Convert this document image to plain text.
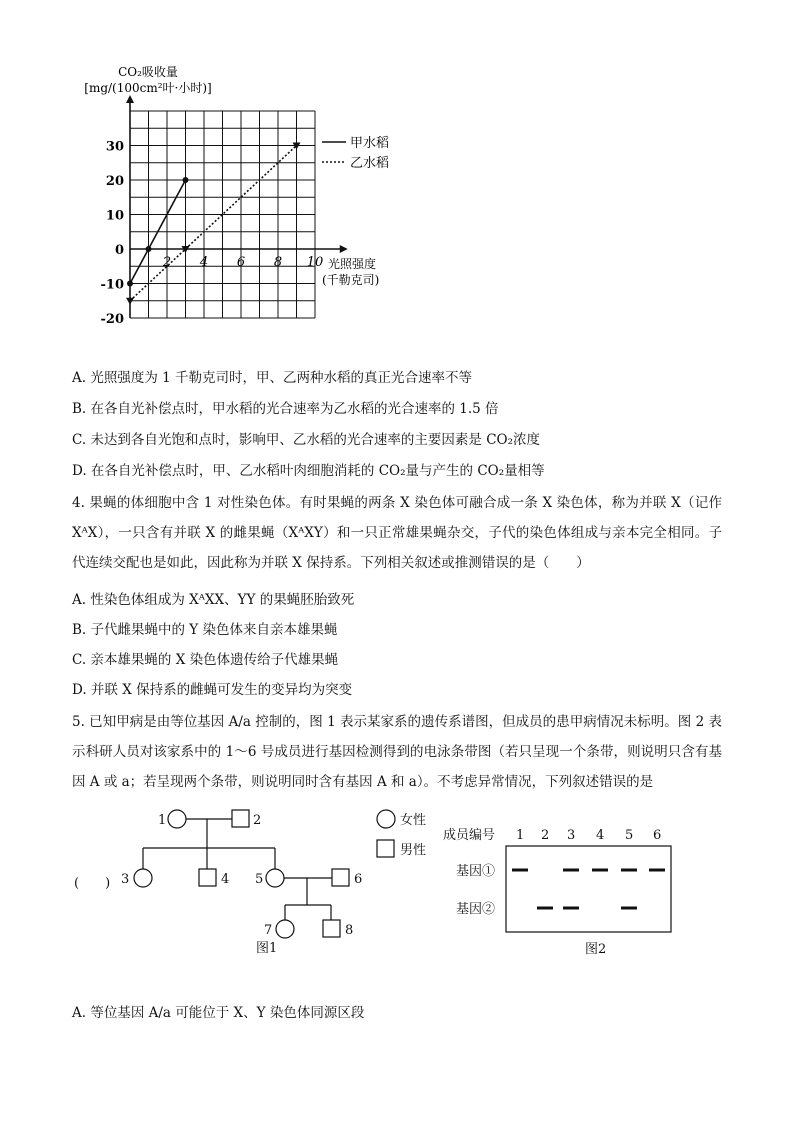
CO₂吸收量
[mg/(100cm²叶·小时)]
30
20
10
0
-10
-20
2 4 6 8 10
甲水稻
乙水稻
光照强度
(千勒克司)
A. 光照强度为 1 千勒克司时，甲、乙两种水稻的真正光合速率不等
B. 在各自光补偿点时，甲水稻的光合速率为乙水稻的光合速率的 1.5 倍
C. 未达到各自光饱和点时，影响甲、乙水稻的光合速率的主要因素是 CO₂浓度
D. 在各自光补偿点时，甲、乙水稻叶肉细胞消耗的 CO₂量与产生的 CO₂量相等
4. 果蝇的体细胞中含 1 对性染色体。有时果蝇的两条 X 染色体可融合成一条 X 染色体，称为并联 X（记作 XᴬX），一只含有并联 X 的雌果蝇（XᴬXY）和一只正常雄果蝇杂交，子代的染色体组成与亲本完全相同。子代连续交配也是如此，因此称为并联 X 保持系。下列相关叙述或推测错误的是（　　）
A. 性染色体组成为 XᴬXX、YY 的果蝇胚胎致死
B. 子代雌果蝇中的 Y 染色体来自亲本雄果蝇
C. 亲本雄果蝇的 X 染色体遗传给子代雄果蝇
D. 并联 X 保持系的雌蝇可发生的变异均为突变
5. 已知甲病是由等位基因 A/a 控制的，图 1 表示某家系的遗传系谱图，但成员的患甲病情况未标明。图 2 表示科研人员对该家系中的 1～6 号成员进行基因检测得到的电泳条带图（若只呈现一个条带，则说明只含有基因 A 或 a；若呈现两个条带，则说明同时含有基因 A 和 a）。不考虑异常情况，下列叙述错误的是
1	2
3	4 5	6
7	8
(　　)
图1
女性
男性
成员编号 1 2 3 4 5 6
基因①
基因②
图2
A. 等位基因 A/a 可能位于 X、Y 染色体同源区段
